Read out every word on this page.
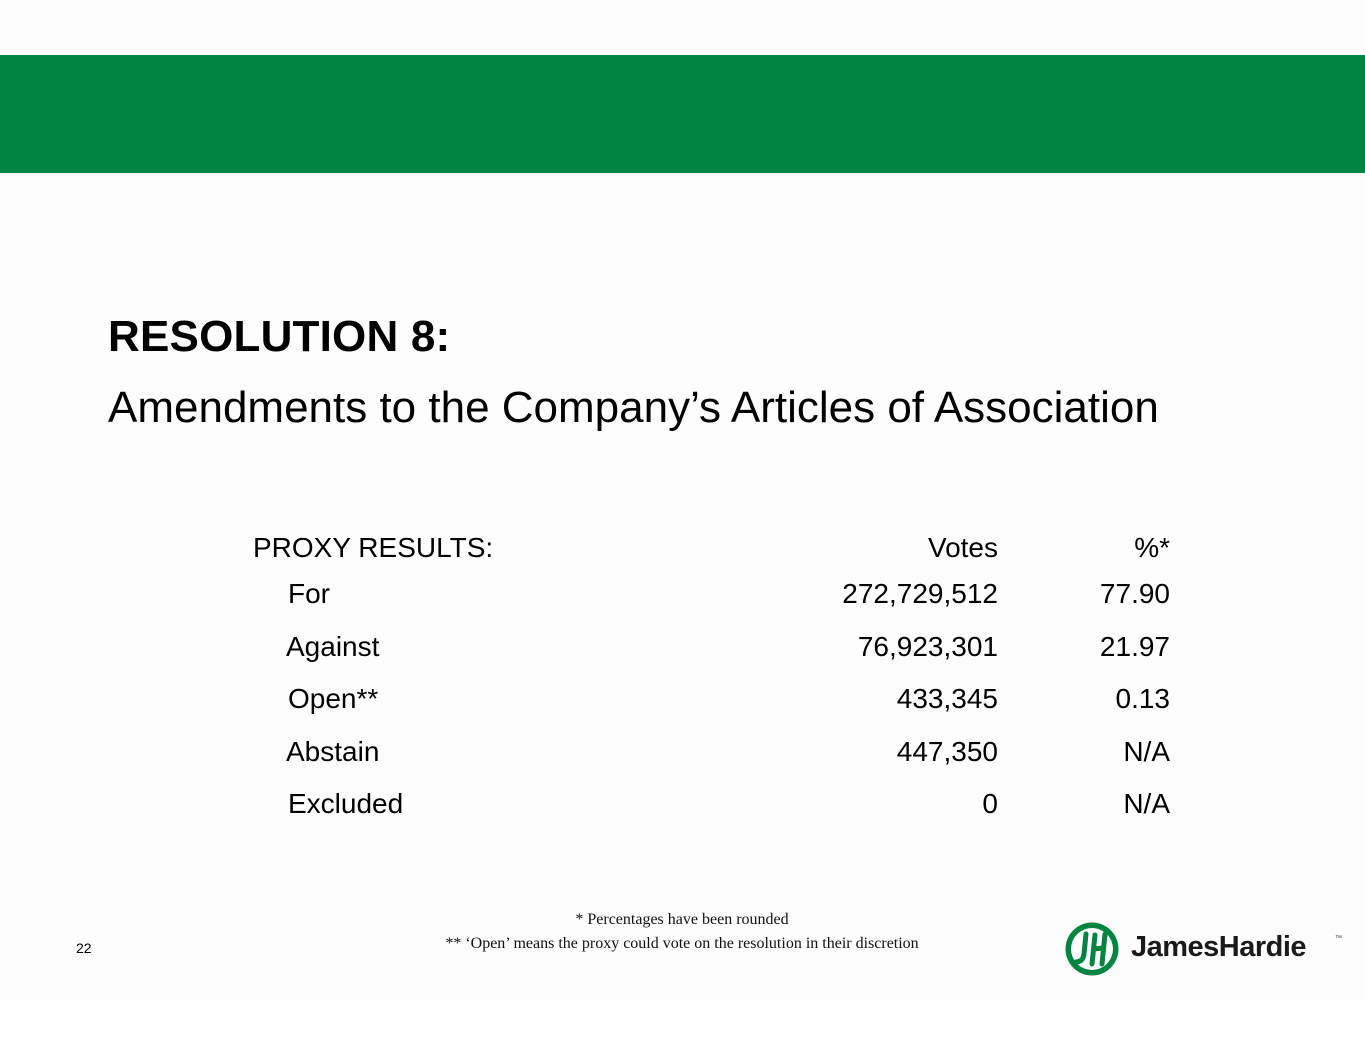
RESOLUTION 8:
Amendments to the Company’s Articles of Association
PROXY RESULTS:	Votes	%*
For	272,729,512	77.90
Against	76,923,301	21.97
Open**	433,345	0.13
Abstain	447,350	N/A
Excluded	0	N/A
* Percentages have been rounded
** ‘Open’ means the proxy could vote on the resolution in their discretion
22	JamesHardie	™
